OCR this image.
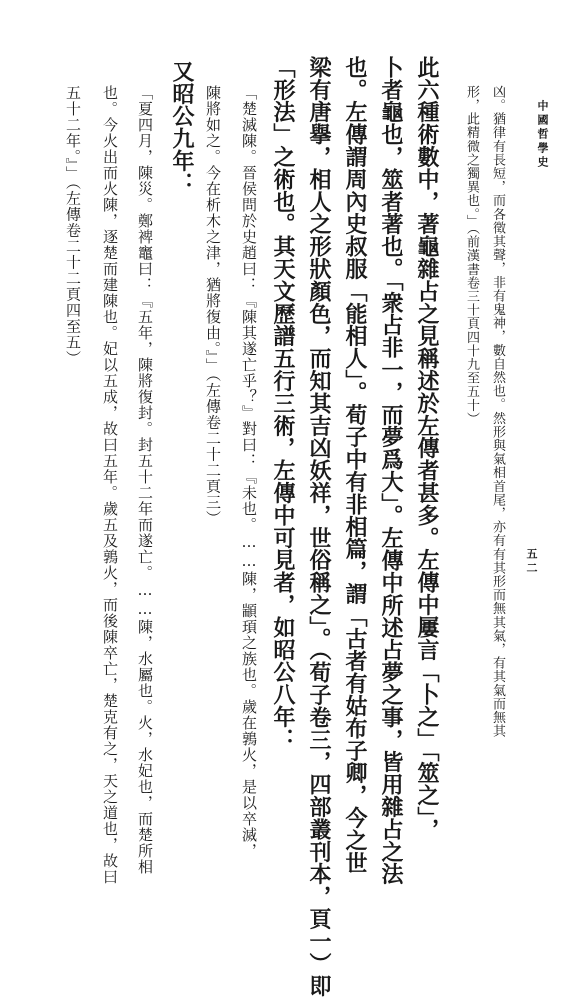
中國哲學史
五二
凶。猶律有長短，而各徵其聲，非有鬼神，數自然也。然形與氣相首尾，亦有有其形而無其氣，有其氣而無其
形，此精微之獨異也。」（前漢書卷三十頁四十九至五十）
此六種術數中，著龜雜占之見稱述於左傳者甚多。左傳中屢言「卜之」「筮之」，
卜者龜也，筮者著也。「衆占非一，而夢爲大」。左傳中所述占夢之事，皆用雜占之法
也。左傳謂周內史叔服「能相人」。荀子中有非相篇，謂「古者有姑布子卿，今之世
梁有唐擧，相人之形狀顏色，而知其吉凶妖祥，世俗稱之」。（荀子卷三，四部叢刊本，頁一）即
「形法」之術也。其天文歷譜五行三術，左傳中可見者，如昭公八年：
「楚滅陳。晉侯問於史趙曰：『陳其遂亡乎？』對曰：『未也。……陳，顓頊之族也。歲在鶉火，是以卒滅，
陳將如之。今在析木之津，猶將復由。』」（左傳卷二十二頁三）
又昭公九年：
「夏四月，陳災。鄭裨竈曰：『五年，陳將復封。封五十二年而遂亡。……陳，水屬也。火，水妃也，而楚所相
也。今火出而火陳，逐楚而建陳也。妃以五成，故曰五年。歲五及鶉火，而後陳卒亡，楚克有之，天之道也，故曰
五十二年。』」（左傳卷二十二頁四至五）
